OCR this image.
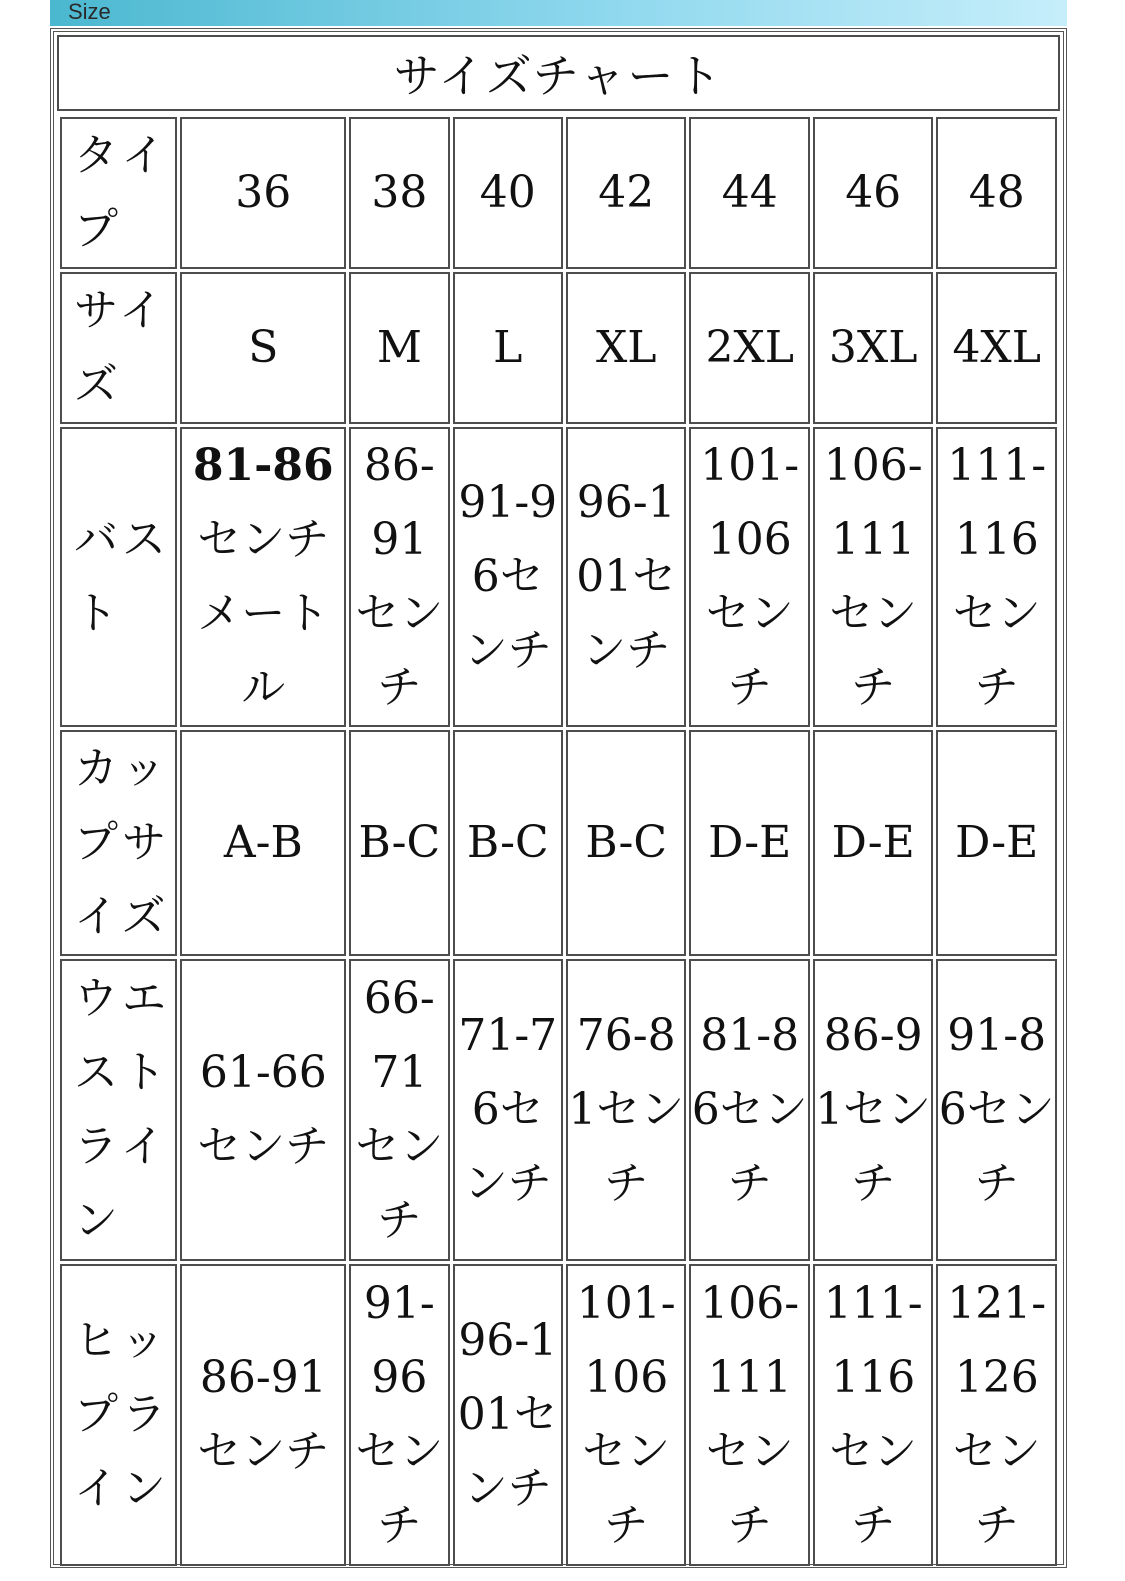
Size
サイズチャート
タイプ	36	38	40	42	44	46	48
サイズ	S	M	L	XL	2XL	3XL	4XL
バスト	81-86センチメートル	86-91センチ	91-96センチ	96-101センチ	101-106センチ	106-111センチ	111-116センチ
カップサイズ	A-B	B-C	B-C	B-C	D-E	D-E	D-E
ウエストライン	61-66センチ	66-71センチ	71-76センチ	76-81センチ	81-86センチ	86-91センチ	91-86センチ
ヒップライン	86-91センチ	91-96センチ	96-101センチ	101-106センチ	106-111センチ	111-116センチ	121-126センチ
